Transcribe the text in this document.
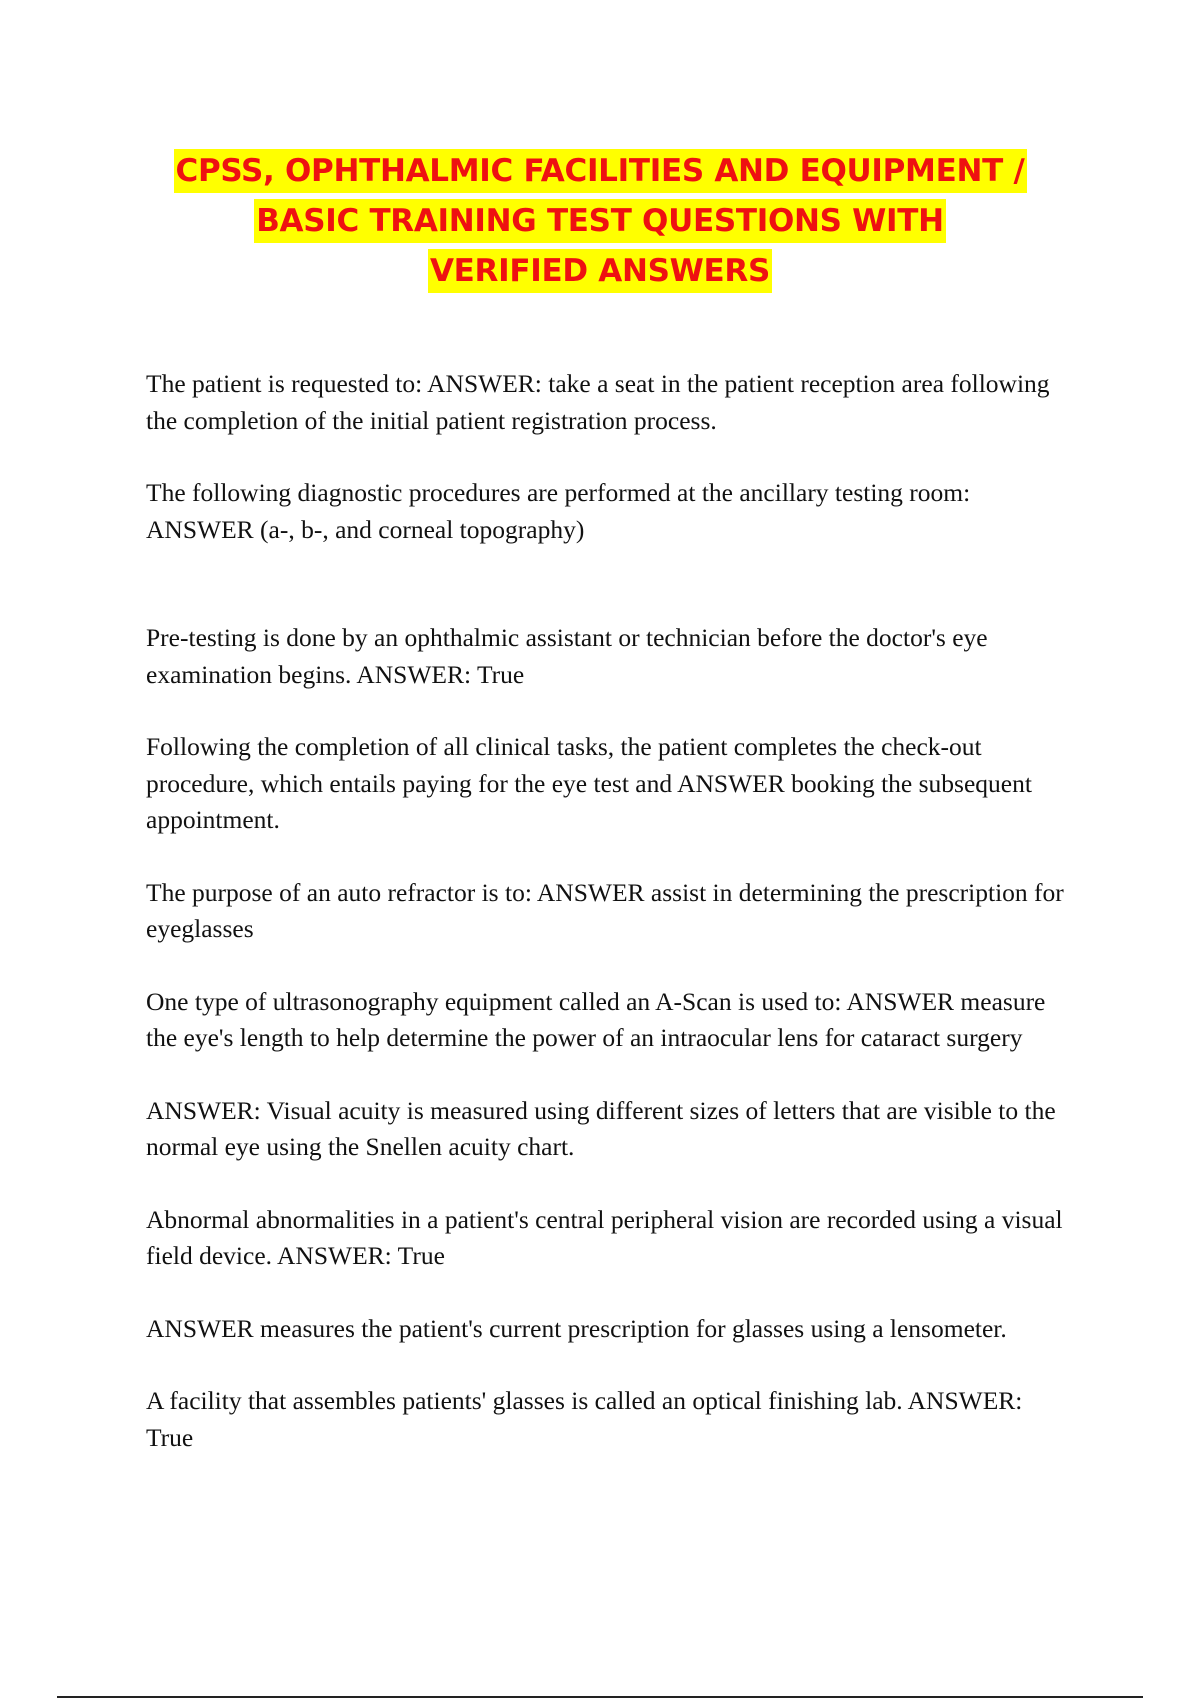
CPSS, OPHTHALMIC FACILITIES AND EQUIPMENT /
BASIC TRAINING TEST QUESTIONS WITH
VERIFIED ANSWERS

The patient is requested to: ANSWER: take a seat in the patient reception area following the completion of the initial patient registration process.

The following diagnostic procedures are performed at the ancillary testing room: ANSWER (a-, b-, and corneal topography)

Pre-testing is done by an ophthalmic assistant or technician before the doctor's eye examination begins. ANSWER: True

Following the completion of all clinical tasks, the patient completes the check-out procedure, which entails paying for the eye test and ANSWER booking the subsequent appointment.

The purpose of an auto refractor is to: ANSWER assist in determining the prescription for eyeglasses

One type of ultrasonography equipment called an A-Scan is used to: ANSWER measure the eye's length to help determine the power of an intraocular lens for cataract surgery

ANSWER: Visual acuity is measured using different sizes of letters that are visible to the normal eye using the Snellen acuity chart.

Abnormal abnormalities in a patient's central peripheral vision are recorded using a visual field device. ANSWER: True

ANSWER measures the patient's current prescription for glasses using a lensometer.

A facility that assembles patients' glasses is called an optical finishing lab. ANSWER: True
